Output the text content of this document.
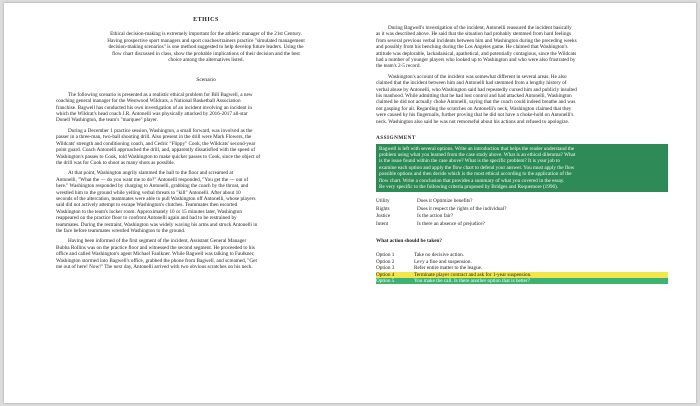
ETHICS
Ethical decision-making is extremely important for the athletic manager of the 21st Century.
Having prospective sport managers and sport coaches/trainers practice "simulated management
decision-making scenarios" is one method suggested to help develop future leaders. Using the
flow chart discussed in class, show the probable implications of their decision and the best
choice among the alternatives listed.
Scenario
The following scenario is presented as a realistic ethical problem for Bill Bagwell, a new
coaching general manager for the Westwood Wildcats, a National Basketball Association
franchise. Bagwell has conducted his own investigation of an incident involving an incident in
which the Wildcat's head coach J.R. Antonelli was physically attacked by 2016-2017 all-star
Donell Washington, the team's "marquee" player.
During a December 1 practice session, Washington, a small forward, was involved as the
passer in a three-man, two-ball shooting drill. Also present in the drill were Mark Flowers, the
Wildcats' strength and conditioning coach, and Cedric "Flippy" Cook, the Wildcats' second-year
point guard. Coach Antonelli approached the drill, and, apparently dissatisfied with the speed of
Washington's passes to Cook, told Washington to make quicker passes to Cook, since the object of
the drill was for Cook to shoot as many shots as possible.
At that point, Washington angrily slammed the ball to the floor and screamed at
Antonelli, "What the — do you want me to do?" Antonelli responded, "You get the — out of
here." Washington responded by charging to Antonelli, grabbing the coach by the throat, and
wrestled him to the ground while yelling verbal threats to "kill" Antonelli. After about 10
seconds of the altercation, teammates were able to pull Washington off Antonelli, whose players
said did not actively attempt to escape Washington's clutches. Teammates then escorted
Washington to the team's locker room. Approximately 10 or 15 minutes later, Washington
reappeared on the practice floor to confront Antonelli again and had to be restrained by
teammates. During the restraint, Washington was widely waving his arms and struck Antonelli in
the face before teammates wrestled Washington to the ground.
Having been informed of the first segment of the incident, Assistant General Manager
Bubba Rollins was on the practice floor and witnessed the second segment. He proceeded to his
office and called Washington's agent Michael Faulkner. While Bagwell was talking to Faulkner,
Washington stormed into Bagwell's office, grabbed the phone from Bagwell, and screamed, "Get
me out of here! Now!" The next day, Antonelli arrived with two obvious scratches on his neck.
During Bagwell's investigation of the incident, Antonelli reassured the incident basically
as it was described above. He said that the situation had probably stemmed from hard feelings
from several previous verbal incidents between him and Washington during the preceding weeks
and possibly from his benching during the Los Angeles game. He claimed that Washington's
attitude was deplorable, lackadaisical, apathetical, and potentially contagious, since the Wildcats
had a number of younger players who looked up to Washington and who were also frustrated by
the team's 2-5 record.
Washington's account of the incident was somewhat different in several areas. He also
claimed that the incident between him and Antonelli had stemmed from a lengthy history of
verbal abuse by Antonelli, who Washington said had repeatedly cursed him and publicly insulted
his manhood. While admitting that he had lost control and had attacked Antonelli, Washington
claimed he did not actually choke Antonelli, saying that the coach could indeed breathe and was
not gasping for air. Regarding the scratches on Antonelli's neck, Washington claimed that they
were caused by his fingernails, further proving that he did not have a choke-hold on Antonelli's
neck. Washington also said he was not remorseful about his actions and refused to apologize.
ASSIGNMENT
Bagwell is left with several options. Write an introduction that helps the reader understand the
problem using what you learned from the case study above. What is an ethical dilemma? What
is the issue found within the case above? What is the specific problem? It is your job to
examine each option and apply the flow chart to defend your answer. You must apply the flow
possible options and then decide which is the most ethical according to the application of the
flow chart. Write a conclusion that provides a summary of what you covered in the essay.
Be very specific to the following criteria proposed by Bridges and Roquemore (1996).
Utility	Does it Optimize benefits?
Rights	Does it respect the rights of the individual?
Justice	Is the action fair?
Intent	Is there an absence of prejudice?
What action should be taken?
Option 1	Take no decisive action.
Option 2	Levy a fine and suspension.
Option 3	Refer entire matter to the league.
Option 4	Terminate player contract and ask for 1-year suspension.
Option 5	You make the call. Is there another option that is better?
